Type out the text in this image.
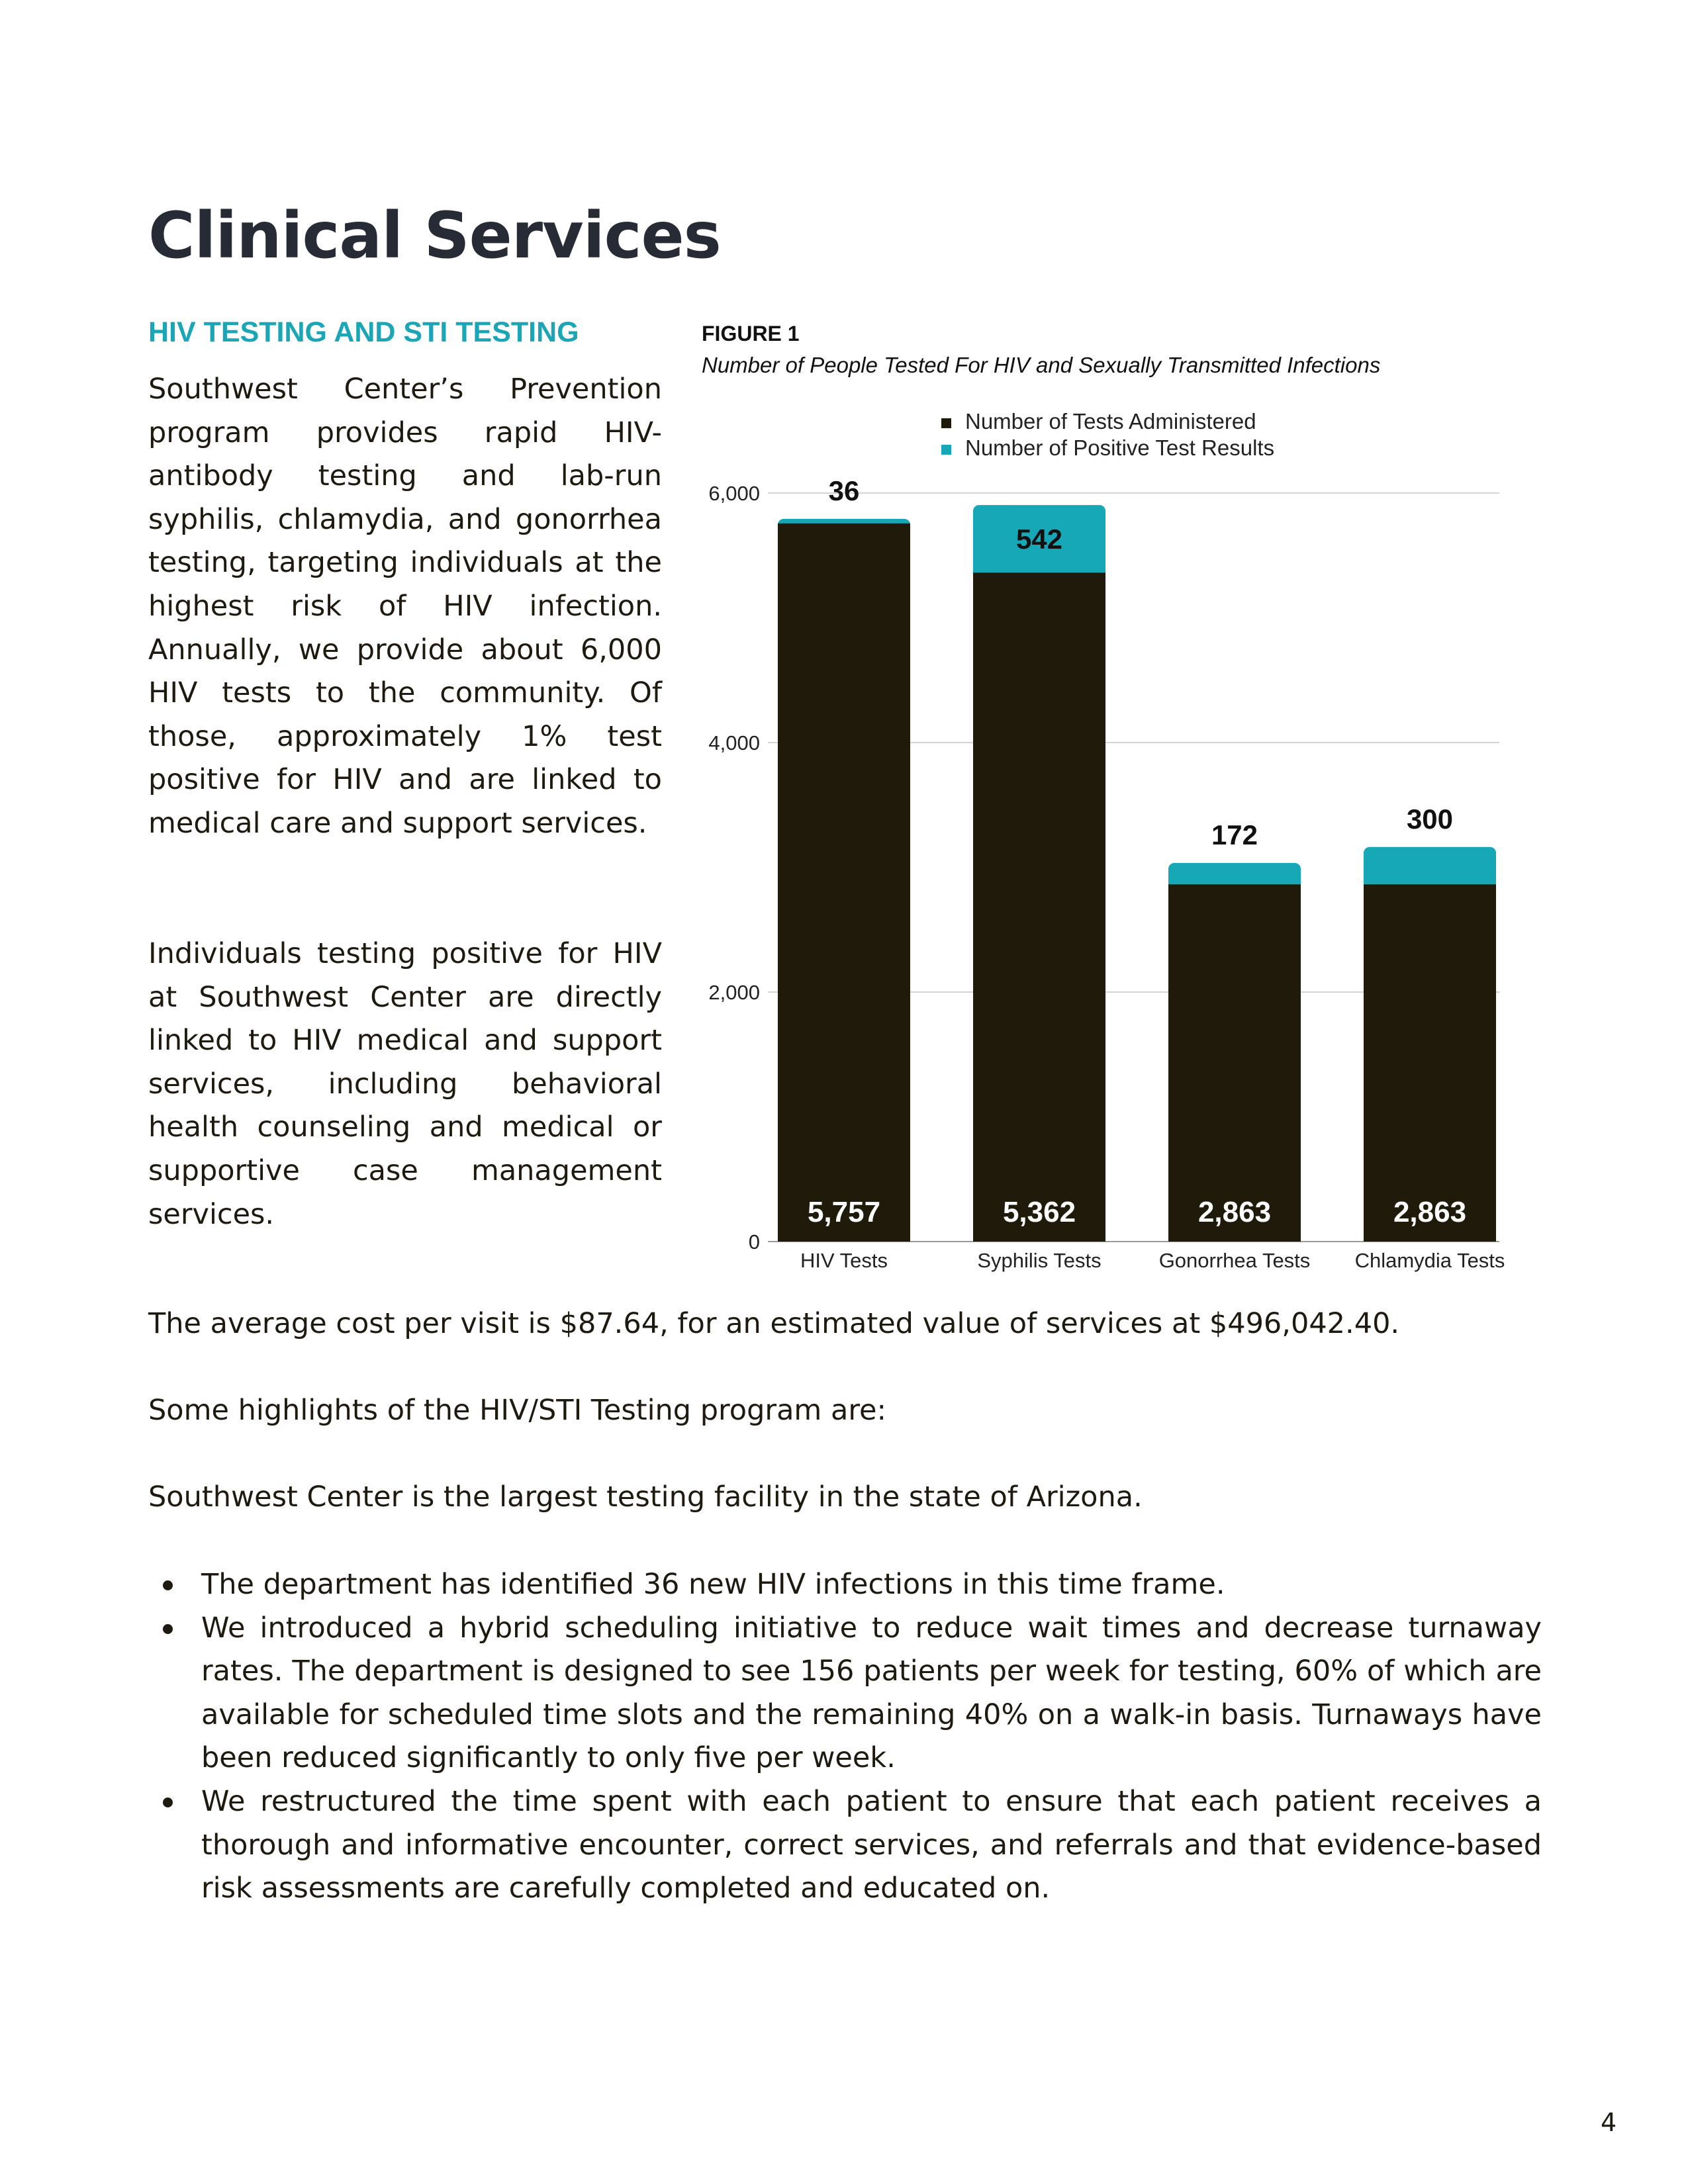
Clinical Services
HIV TESTING AND STI TESTING

Southwest Center’s Prevention program provides rapid HIV-antibody testing and lab-run syphilis, chlamydia, and gonorrhea testing, targeting individuals at the highest risk of HIV infection. Annually, we provide about 6,000 HIV tests to the community. Of those, approximately 1% test positive for HIV and are linked to medical care and support services.

Individuals testing positive for HIV at Southwest Center are directly linked to HIV medical and support services, including behavioral health counseling and medical or supportive case management services.

FIGURE 1
Number of People Tested For HIV and Sexually Transmitted Infections
0
2,000
4,000
6,000
5,757
36
HIV Tests
5,362
542
Syphilis Tests
2,863
172
Gonorrhea Tests
2,863
300
Chlamydia Tests
Number of Tests Administered
Number of Positive Test Results

The average cost per visit is $87.64, for an estimated value of services at $496,042.40.

Some highlights of the HIV/STI Testing program are:

Southwest Center is the largest testing facility in the state of Arizona.

The department has identified 36 new HIV infections in this time frame.
We introduced a hybrid scheduling initiative to reduce wait times and decrease turnaway rates. The department is designed to see 156 patients per week for testing, 60% of which are available for scheduled time slots and the remaining 40% on a walk-in basis. Turnaways have been reduced significantly to only five per week.
We restructured the time spent with each patient to ensure that each patient receives a thorough and informative encounter, correct services, and referrals and that evidence-based risk assessments are carefully completed and educated on.
4
